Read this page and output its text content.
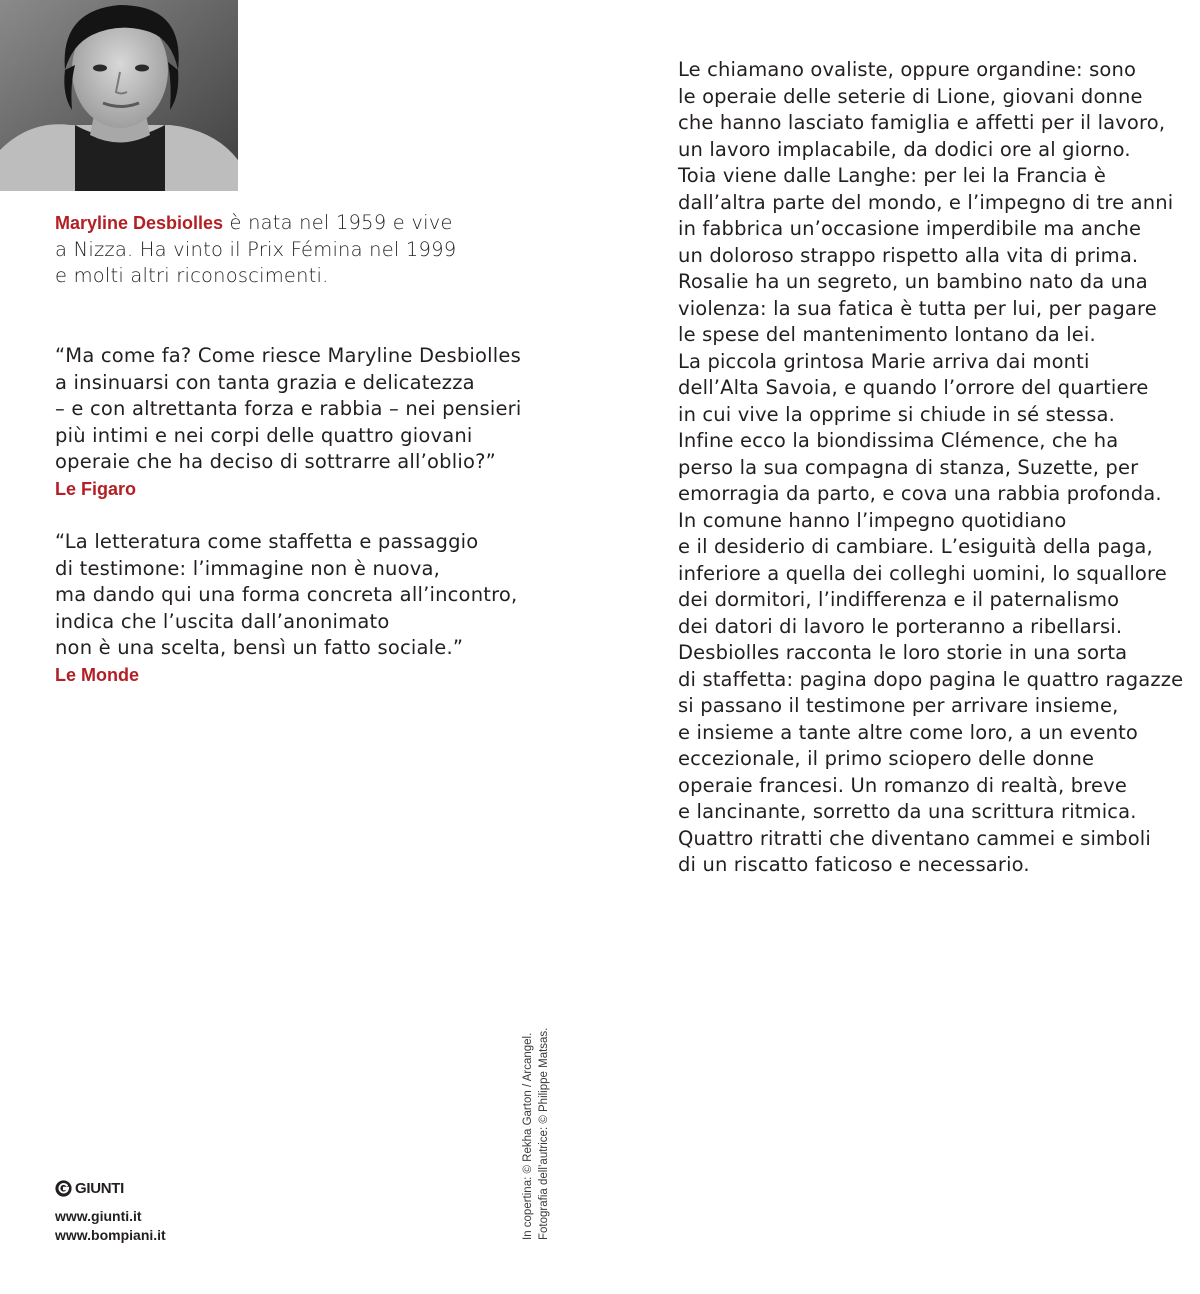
Maryline Desbiolles è nata nel 1959 e vive
a Nizza. Ha vinto il Prix Fémina nel 1999
e molti altri riconoscimenti.
“Ma come fa? Come riesce Maryline Desbiolles
a insinuarsi con tanta grazia e delicatezza
– e con altrettanta forza e rabbia – nei pensieri
più intimi e nei corpi delle quattro giovani
operaie che ha deciso di sottrarre all’oblio?”
Le Figaro
“La letteratura come staffetta e passaggio
di testimone: l’immagine non è nuova,
ma dando qui una forma concreta all’incontro,
indica che l’uscita dall’anonimato
non è una scelta, bensì un fatto sociale.”
Le Monde
Le chiamano ovaliste, oppure organdine: sono
le operaie delle seterie di Lione, giovani donne
che hanno lasciato famiglia e affetti per il lavoro,
un lavoro implacabile, da dodici ore al giorno.
Toia viene dalle Langhe: per lei la Francia è
dall’altra parte del mondo, e l’impegno di tre anni
in fabbrica un’occasione imperdibile ma anche
un doloroso strappo rispetto alla vita di prima.
Rosalie ha un segreto, un bambino nato da una
violenza: la sua fatica è tutta per lui, per pagare
le spese del mantenimento lontano da lei.
La piccola grintosa Marie arriva dai monti
dell’Alta Savoia, e quando l’orrore del quartiere
in cui vive la opprime si chiude in sé stessa.
Infine ecco la biondissima Clémence, che ha
perso la sua compagna di stanza, Suzette, per
emorragia da parto, e cova una rabbia profonda.
In comune hanno l’impegno quotidiano
e il desiderio di cambiare. L’esiguità della paga,
inferiore a quella dei colleghi uomini, lo squallore
dei dormitori, l’indifferenza e il paternalismo
dei datori di lavoro le porteranno a ribellarsi.
Desbiolles racconta le loro storie in una sorta
di staffetta: pagina dopo pagina le quattro ragazze
si passano il testimone per arrivare insieme,
e insieme a tante altre come loro, a un evento
eccezionale, il primo sciopero delle donne
operaie francesi. Un romanzo di realtà, breve
e lancinante, sorretto da una scrittura ritmica.
Quattro ritratti che diventano cammei e simboli
di un riscatto faticoso e necessario.
In copertina: © Rekha Garton / Arcangel. Fotografia dell’autrice: © Philippe Matsas.
GIUNTI
www.giunti.it
www.bompiani.it
